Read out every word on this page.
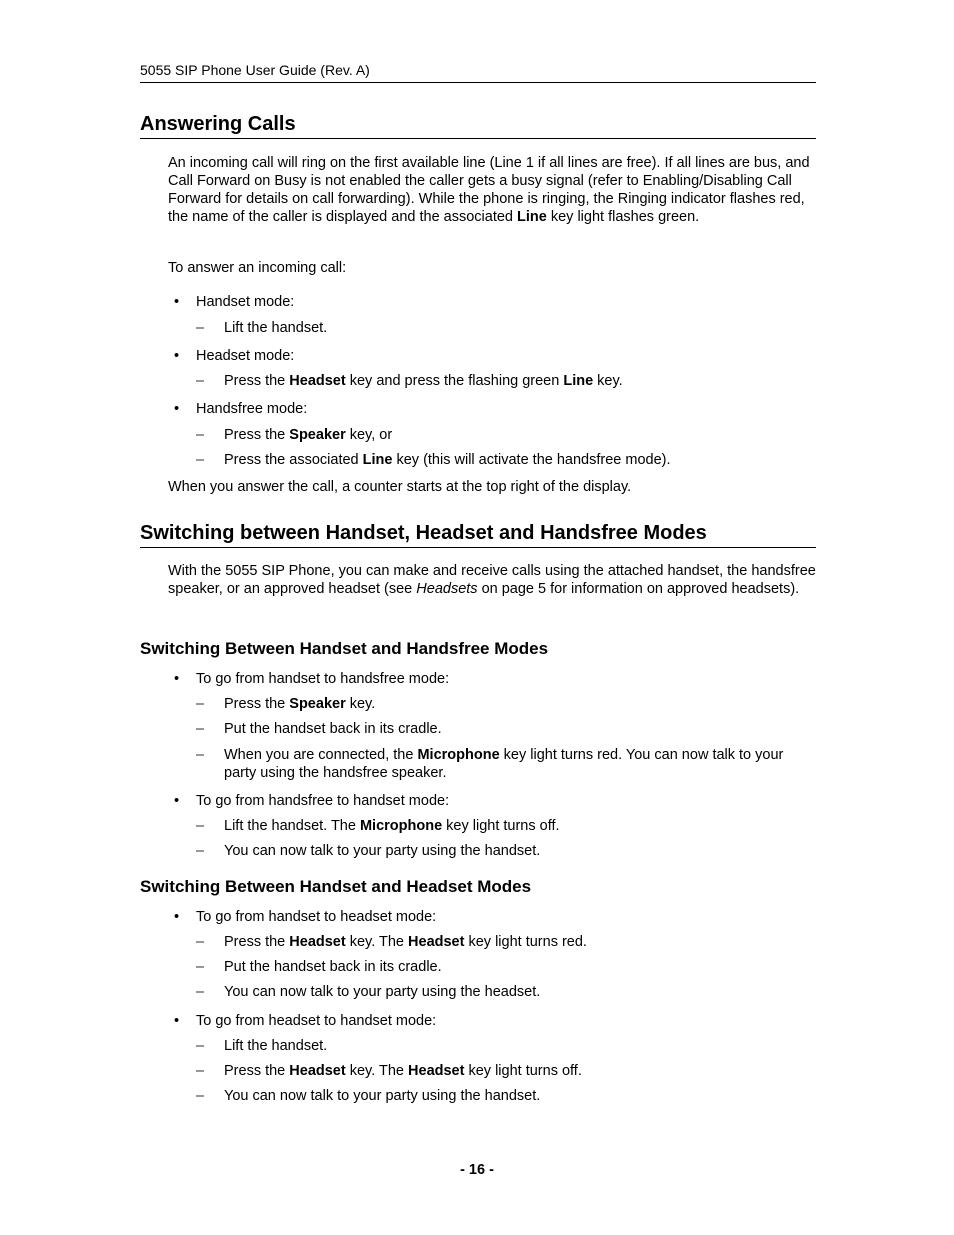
5055 SIP Phone User Guide (Rev. A)
Answering Calls
An incoming call will ring on the first available line (Line 1 if all lines are free). If all lines are bus, and Call Forward on Busy is not enabled the caller gets a busy signal (refer to Enabling/Disabling Call Forward for details on call forwarding). While the phone is ringing, the Ringing indicator flashes red, the name of the caller is displayed and the associated Line key light flashes green.
To answer an incoming call:
• Handset mode:
– Lift the handset.
• Headset mode:
– Press the Headset key and press the flashing green Line key.
• Handsfree mode:
– Press the Speaker key, or
– Press the associated Line key (this will activate the handsfree mode).
When you answer the call, a counter starts at the top right of the display.
Switching between Handset, Headset and Handsfree Modes
With the 5055 SIP Phone, you can make and receive calls using the attached handset, the handsfree speaker, or an approved headset (see Headsets on page 5 for information on approved headsets).
Switching Between Handset and Handsfree Modes
• To go from handset to handsfree mode:
– Press the Speaker key.
– Put the handset back in its cradle.
– When you are connected, the Microphone key light turns red. You can now talk to your party using the handsfree speaker.
• To go from handsfree to handset mode:
– Lift the handset. The Microphone key light turns off.
– You can now talk to your party using the handset.
Switching Between Handset and Headset Modes
• To go from handset to headset mode:
– Press the Headset key. The Headset key light turns red.
– Put the handset back in its cradle.
– You can now talk to your party using the headset.
• To go from headset to handset mode:
– Lift the handset.
– Press the Headset key. The Headset key light turns off.
– You can now talk to your party using the handset.
- 16 -
